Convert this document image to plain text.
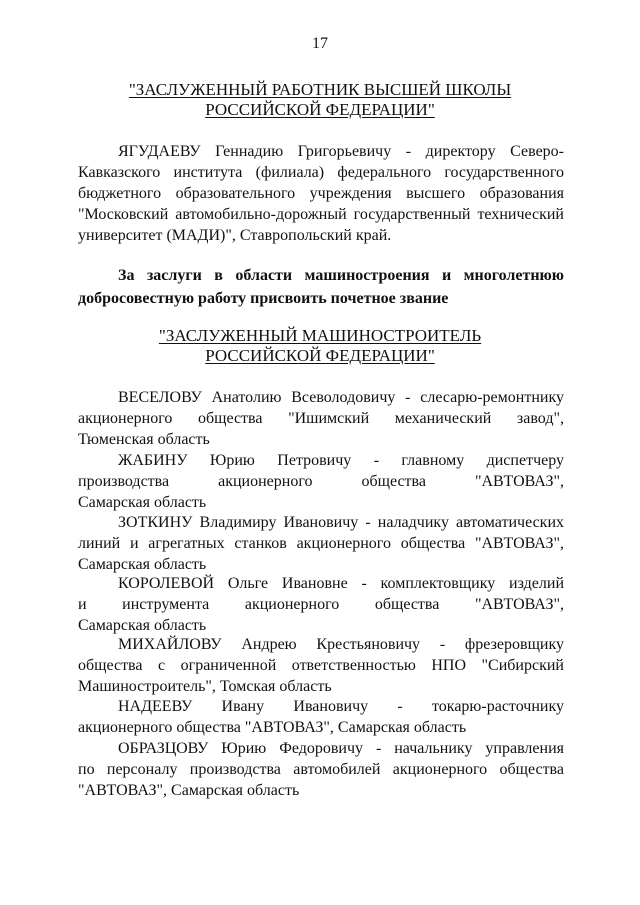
17
"ЗАСЛУЖЕННЫЙ РАБОТНИК ВЫСШЕЙ ШКОЛЫ
РОССИЙСКОЙ ФЕДЕРАЦИИ"
ЯГУДАЕВУ Геннадию Григорьевичу - директору Северо-
Кавказского института (филиала) федерального государственного
бюджетного образовательного учреждения высшего образования
"Московский автомобильно-дорожный государственный технический
университет (МАДИ)", Ставропольский край.
За заслуги в области машиностроения и многолетнюю
добросовестную работу присвоить почетное звание
"ЗАСЛУЖЕННЫЙ МАШИНОСТРОИТЕЛЬ
РОССИЙСКОЙ ФЕДЕРАЦИИ"
ВЕСЕЛОВУ Анатолию Всеволодовичу - слесарю-ремонтнику
акционерного общества "Ишимский механический завод",
Тюменская область
ЖАБИНУ Юрию Петровичу - главному диспетчеру
производства акционерного общества "АВТОВАЗ",
Самарская область
ЗОТКИНУ Владимиру Ивановичу - наладчику автоматических
линий и агрегатных станков акционерного общества "АВТОВАЗ",
Самарская область
КОРОЛЕВОЙ Ольге Ивановне - комплектовщику изделий
и инструмента акционерного общества "АВТОВАЗ",
Самарская область
МИХАЙЛОВУ Андрею Крестьяновичу - фрезеровщику
общества с ограниченной ответственностью НПО "Сибирский
Машиностроитель", Томская область
НАДЕЕВУ Ивану Ивановичу - токарю-расточнику
акционерного общества "АВТОВАЗ", Самарская область
ОБРАЗЦОВУ Юрию Федоровичу - начальнику управления
по персоналу производства автомобилей акционерного общества
"АВТОВАЗ", Самарская область
